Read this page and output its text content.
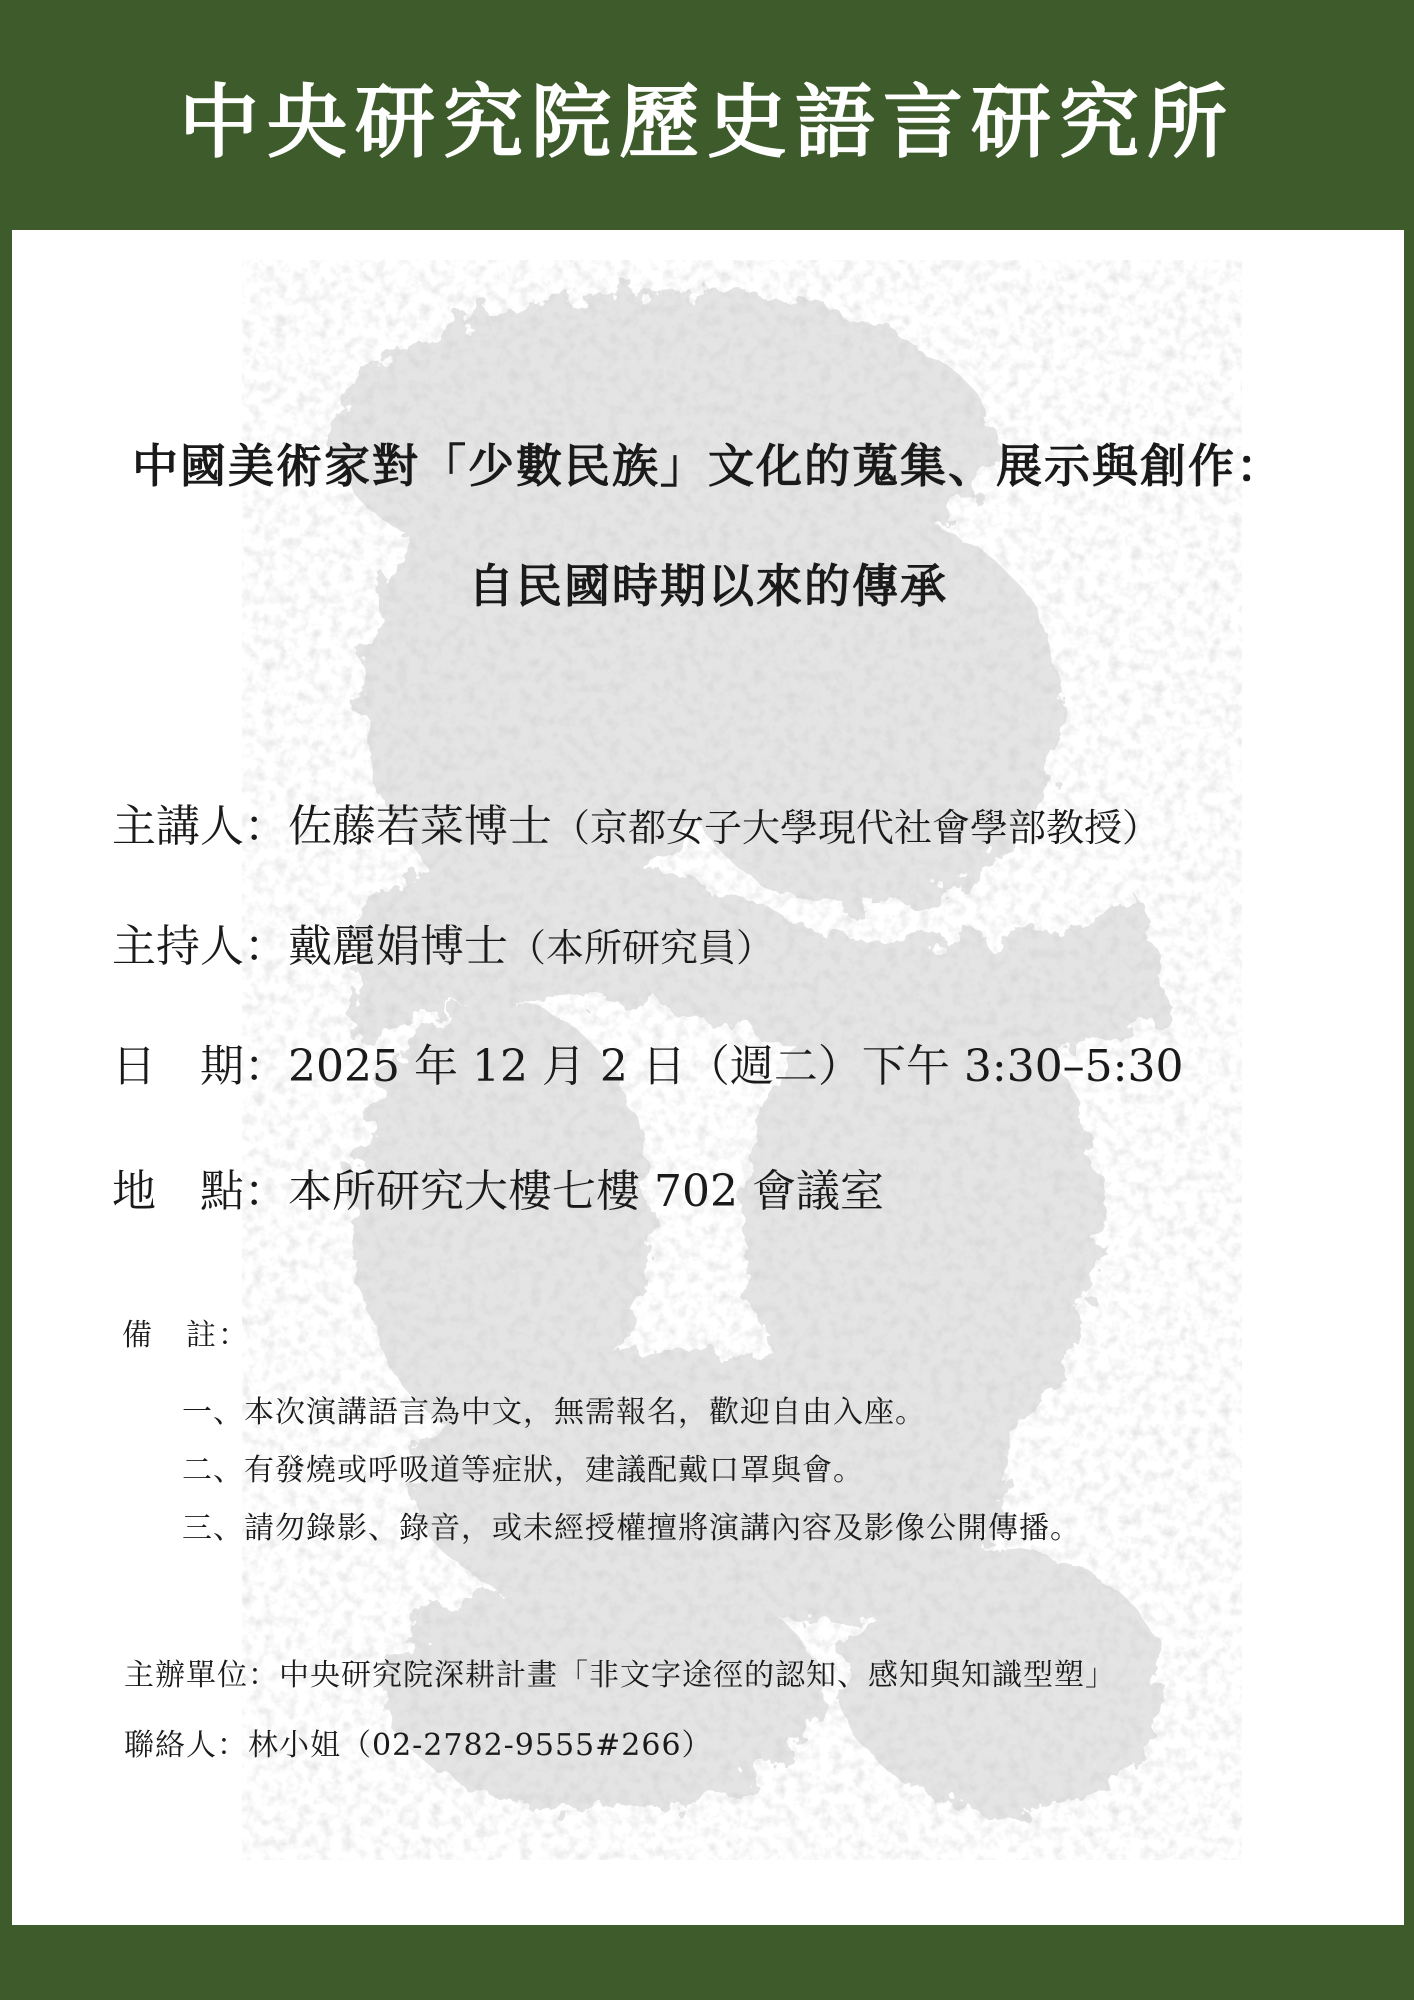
中央研究院歷史語言研究所

中國美術家對「少數民族」文化的蒐集、展示與創作：

自民國時期以來的傳承

主講人：佐藤若菜博士（京都女子大學現代社會學部教授）
主持人：戴麗娟博士（本所研究員）
日　期：2025 年 12 月 2 日（週二）下午 3:30–5:30
地　點：本所研究大樓七樓 702 會議室
備　註：
一、本次演講語言為中文，無需報名，歡迎自由入座。
二、有發燒或呼吸道等症狀，建議配戴口罩與會。
三、請勿錄影、錄音，或未經授權擅將演講內容及影像公開傳播。
主辦單位：中央研究院深耕計畫「非文字途徑的認知、感知與知識型塑」
聯絡人：林小姐（02-2782-9555#266）
